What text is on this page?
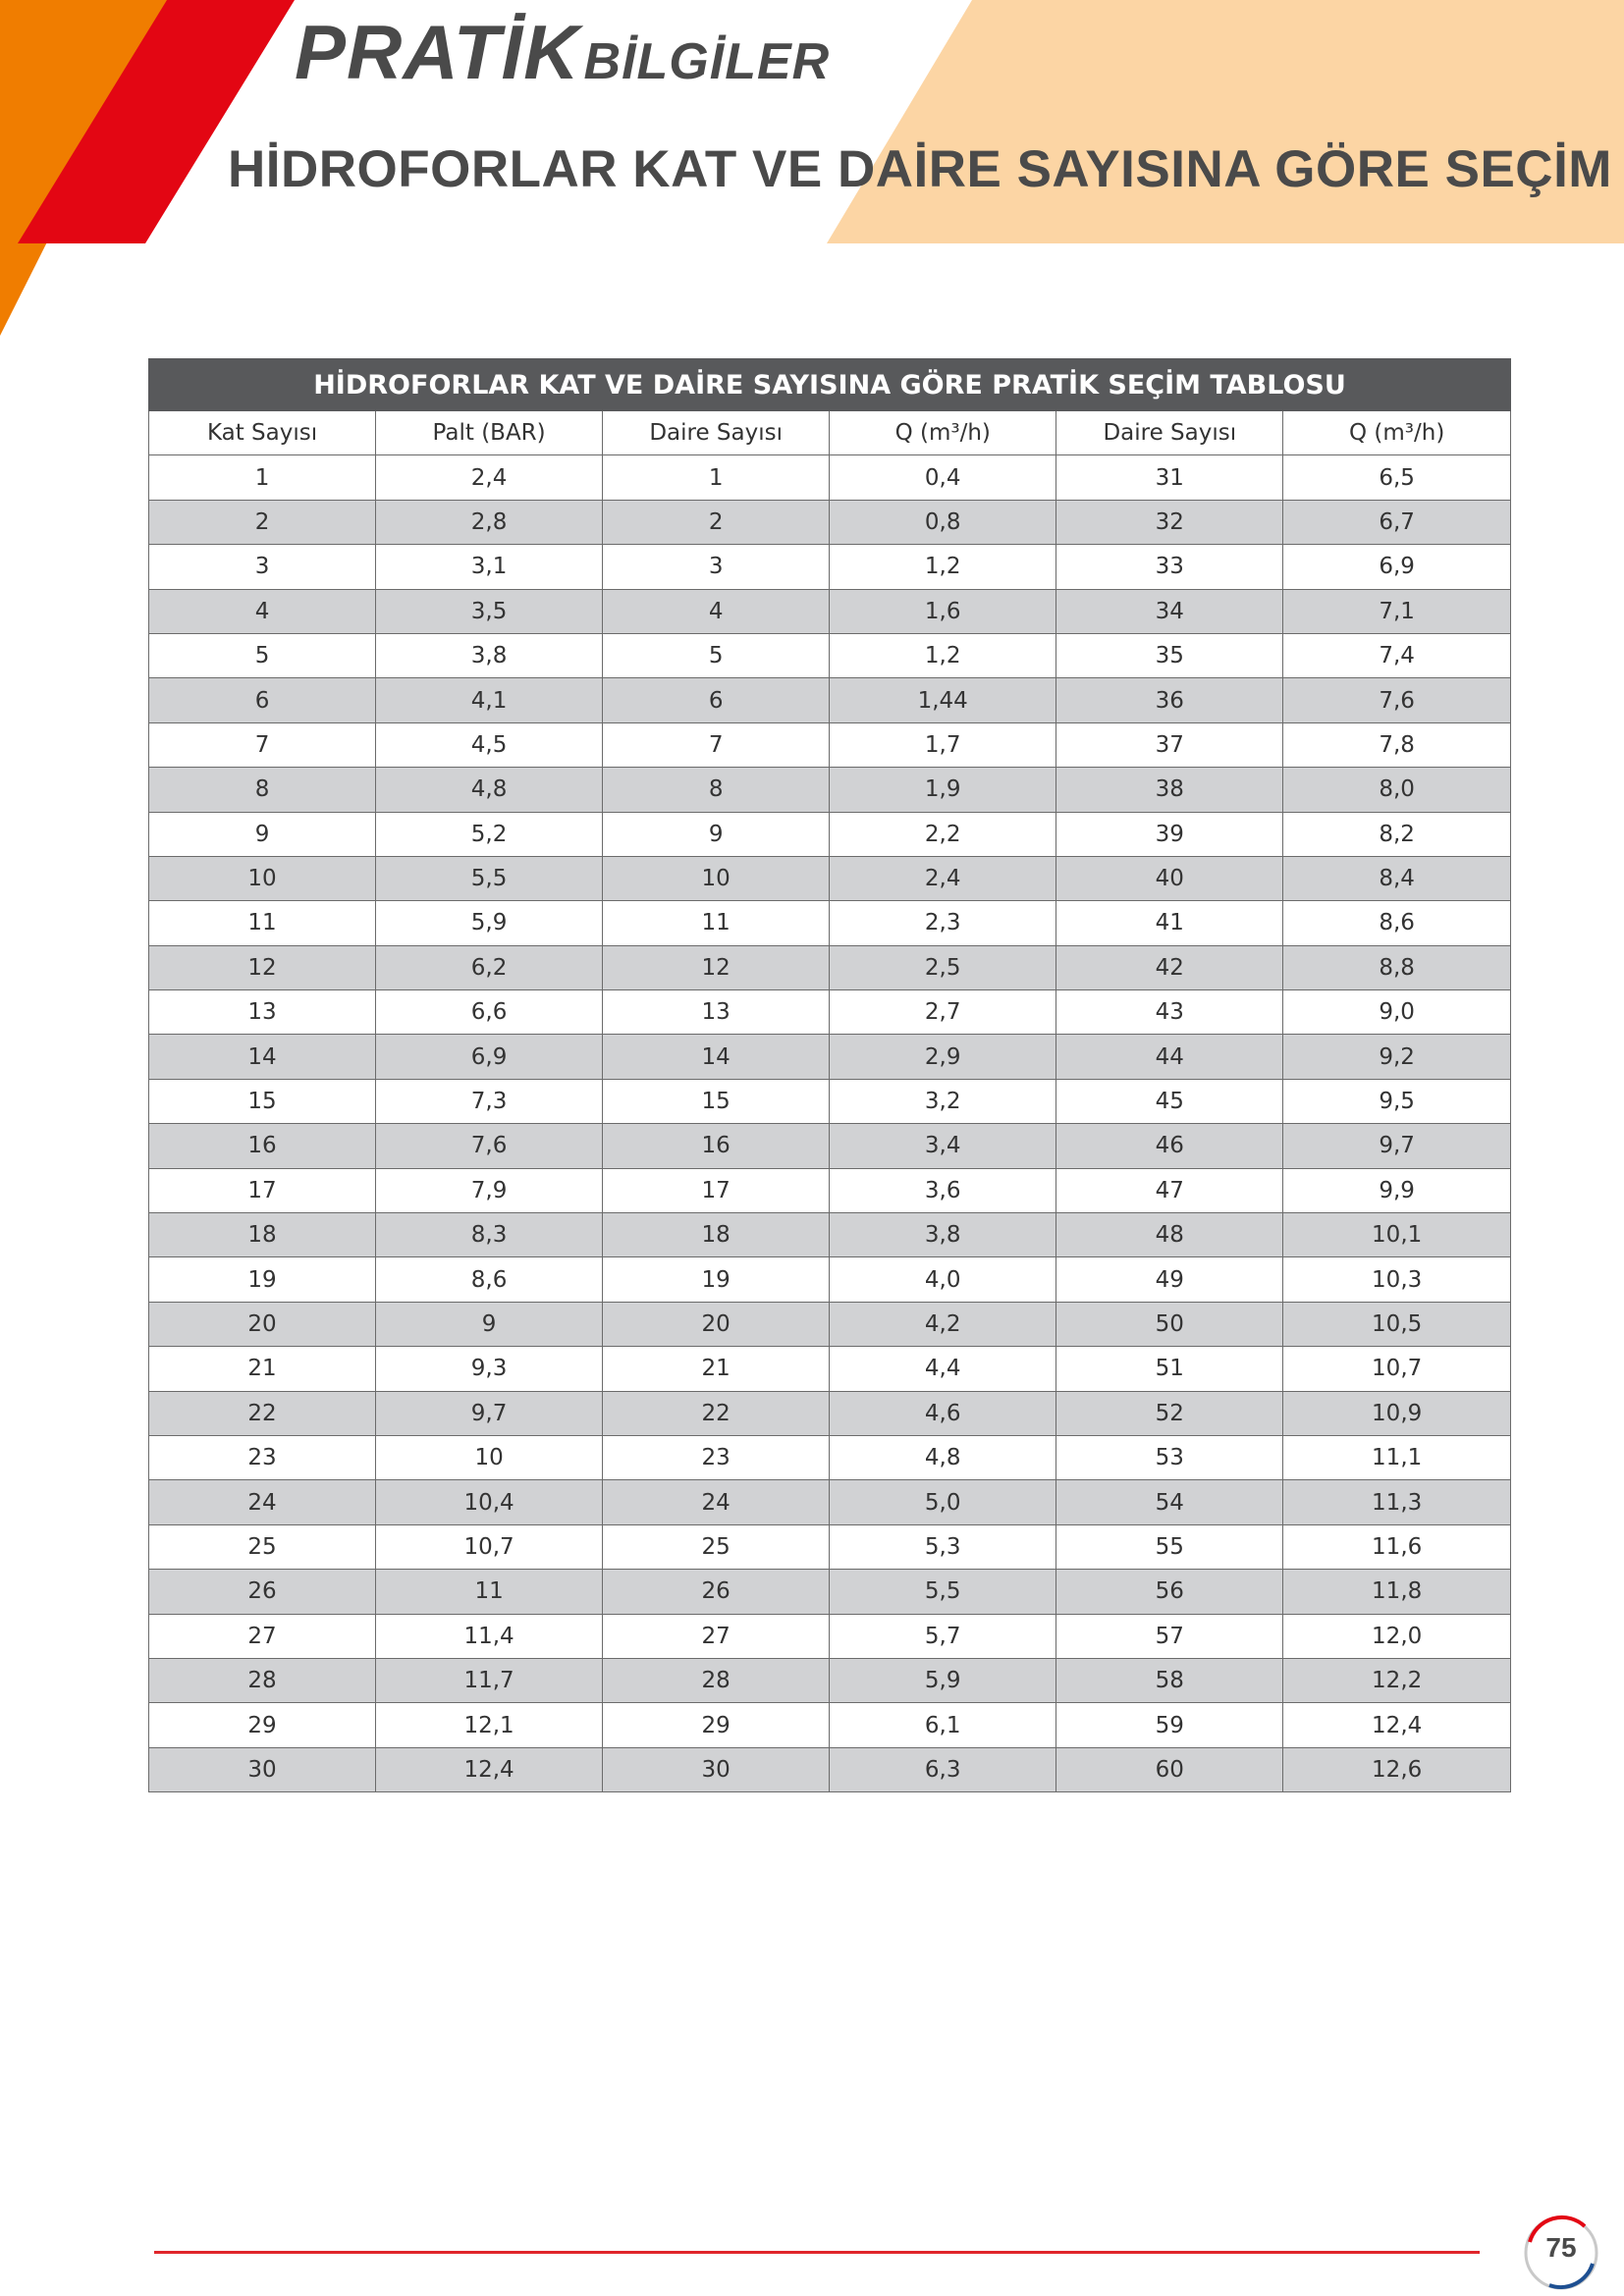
PRATİKBİLGİLER
HİDROFORLAR KAT VE DAİRE SAYISINA GÖRE SEÇİM
HİDROFORLAR KAT VE DAİRE SAYISINA GÖRE PRATİK SEÇİM TABLOSU					
Kat Sayısı	Palt (BAR)	Daire Sayısı	Q (m³/h)	Daire Sayısı	Q (m³/h)
1	2,4	1	0,4	31	6,5
2	2,8	2	0,8	32	6,7
3	3,1	3	1,2	33	6,9
4	3,5	4	1,6	34	7,1
5	3,8	5	1,2	35	7,4
6	4,1	6	1,44	36	7,6
7	4,5	7	1,7	37	7,8
8	4,8	8	1,9	38	8,0
9	5,2	9	2,2	39	8,2
10	5,5	10	2,4	40	8,4
11	5,9	11	2,3	41	8,6
12	6,2	12	2,5	42	8,8
13	6,6	13	2,7	43	9,0
14	6,9	14	2,9	44	9,2
15	7,3	15	3,2	45	9,5
16	7,6	16	3,4	46	9,7
17	7,9	17	3,6	47	9,9
18	8,3	18	3,8	48	10,1
19	8,6	19	4,0	49	10,3
20	9	20	4,2	50	10,5
21	9,3	21	4,4	51	10,7
22	9,7	22	4,6	52	10,9
23	10	23	4,8	53	11,1
24	10,4	24	5,0	54	11,3
25	10,7	25	5,3	55	11,6
26	11	26	5,5	56	11,8
27	11,4	27	5,7	57	12,0
28	11,7	28	5,9	58	12,2
29	12,1	29	6,1	59	12,4
30	12,4	30	6,3	60	12,6
75
